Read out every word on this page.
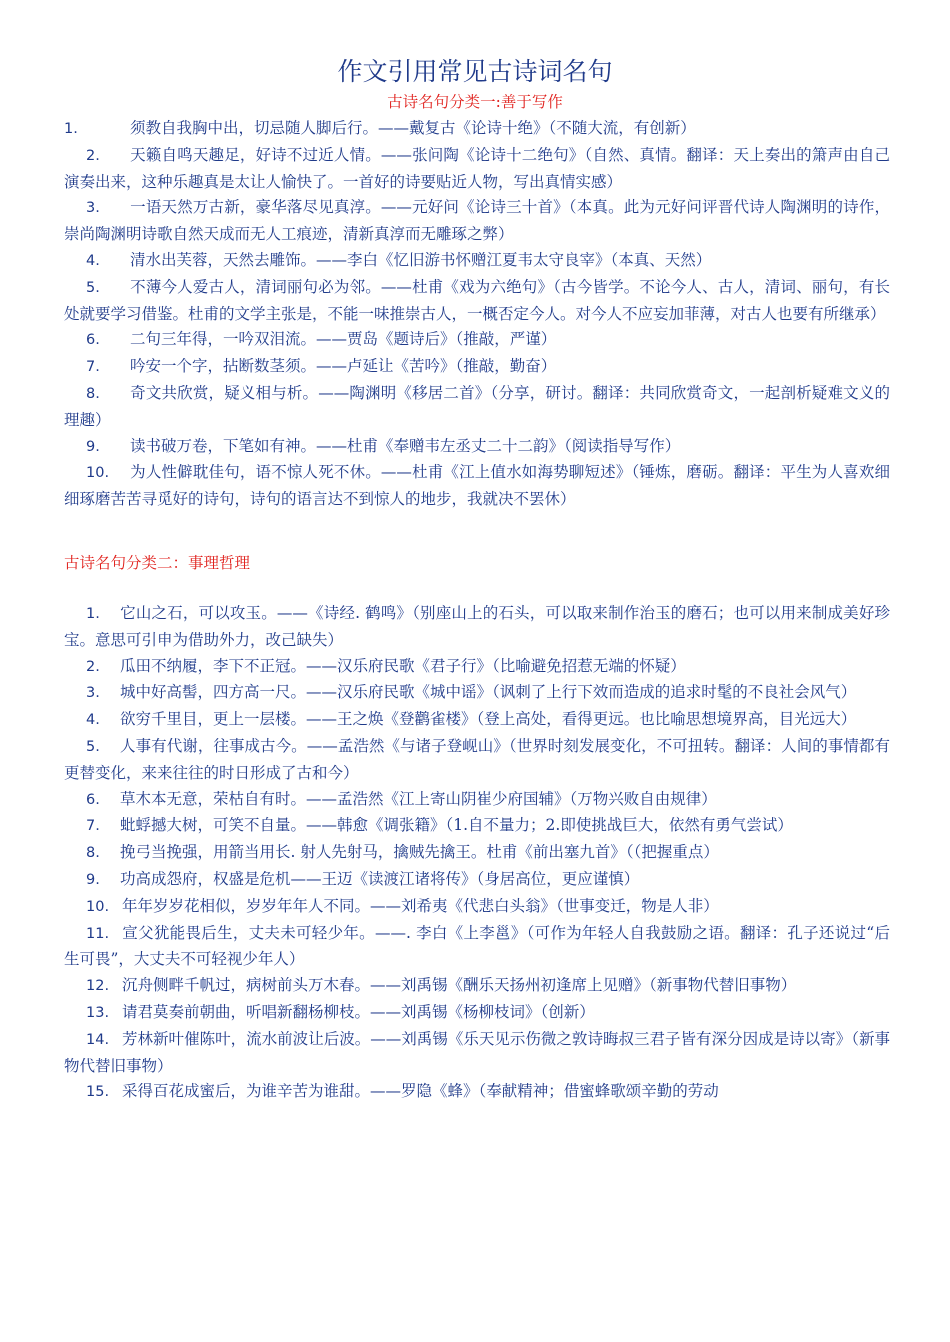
作文引用常见古诗词名句
古诗名句分类一:善于写作

1.	须教自我胸中出，切忌随人脚后行。——戴复古《论诗十绝》（不随大流，有创新）

2. 天籁自鸣天趣足，好诗不过近人情。——张问陶《论诗十二绝句》（自然、真情。翻译：天上奏出的箫声由自己演奏出来，这种乐趣真是太让人愉快了。一首好的诗要贴近人物，写出真情实感）

3. 一语天然万古新，豪华落尽见真淳。——元好问《论诗三十首》（本真。此为元好问评晋代诗人陶渊明的诗作，崇尚陶渊明诗歌自然天成而无人工痕迹，清新真淳而无雕琢之弊）

4. 清水出芙蓉，天然去雕饰。——李白《忆旧游书怀赠江夏韦太守良宰》（本真、天然）

5. 不薄今人爱古人，清词丽句必为邻。——杜甫《戏为六绝句》（古今皆学。不论今人、古人，清词、丽句，有长处就要学习借鉴。杜甫的文学主张是，不能一味推崇古人，一概否定今人。对今人不应妄加菲薄，对古人也要有所继承）

6. 二句三年得，一吟双泪流。——贾岛《题诗后》（推敲，严谨）

7. 吟安一个字，拈断数茎须。——卢延让《苦吟》（推敲，勤奋）

8. 奇文共欣赏，疑义相与析。——陶渊明《移居二首》（分享，研讨。翻译：共同欣赏奇文，一起剖析疑难文义的理趣）

9. 读书破万卷，下笔如有神。——杜甫《奉赠韦左丞丈二十二韵》（阅读指导写作）

10. 为人性僻耽佳句，语不惊人死不休。——杜甫《江上值水如海势聊短述》（锤炼，磨砺。翻译：平生为人喜欢细细琢磨苦苦寻觅好的诗句，诗句的语言达不到惊人的地步，我就决不罢休）

古诗名句分类二：事理哲理

1. 它山之石，可以攻玉。——《诗经. 鹤鸣》（别座山上的石头，可以取来制作治玉的磨石；也可以用来制成美好珍宝。意思可引申为借助外力，改己缺失）

2. 瓜田不纳履，李下不正冠。——汉乐府民歌《君子行》（比喻避免招惹无端的怀疑）

3. 城中好高髻，四方高一尺。——汉乐府民歌《城中谣》（讽刺了上行下效而造成的追求时髦的不良社会风气）

4. 欲穷千里目，更上一层楼。——王之焕《登鹳雀楼》（登上高处，看得更远。也比喻思想境界高，目光远大）

5. 人事有代谢，往事成古今。——孟浩然《与诸子登岘山》（世界时刻发展变化，不可扭转。翻译：人间的事情都有更替变化，来来往往的时日形成了古和今）

6. 草木本无意，荣枯自有时。——孟浩然《江上寄山阴崔少府国辅》（万物兴败自由规律）

7. 蚍蜉撼大树，可笑不自量。——韩愈《调张籍》（1.自不量力；2.即使挑战巨大，依然有勇气尝试）

8. 挽弓当挽强，用箭当用长. 射人先射马，擒贼先擒王。杜甫《前出塞九首》（（把握重点）

9. 功高成怨府，权盛是危机——王迈《读渡江诸将传》（身居高位，更应谨慎）

10. 年年岁岁花相似，岁岁年年人不同。——刘希夷《代悲白头翁》（世事变迁，物是人非）

11. 宣父犹能畏后生，丈夫未可轻少年。——. 李白《上李邕》（可作为年轻人自我鼓励之语。翻译：孔子还说过“后生可畏”，大丈夫不可轻视少年人）

12. 沉舟侧畔千帆过，病树前头万木春。——刘禹锡《酬乐天扬州初逢席上见赠》（新事物代替旧事物）

13. 请君莫奏前朝曲，听唱新翻杨柳枝。——刘禹锡《杨柳枝词》（创新）

14. 芳林新叶催陈叶，流水前波让后波。——刘禹锡《乐天见示伤微之敦诗晦叔三君子皆有深分因成是诗以寄》（新事物代替旧事物）

15. 采得百花成蜜后，为谁辛苦为谁甜。——罗隐《蜂》（奉献精神；借蜜蜂歌颂辛勤的劳动
